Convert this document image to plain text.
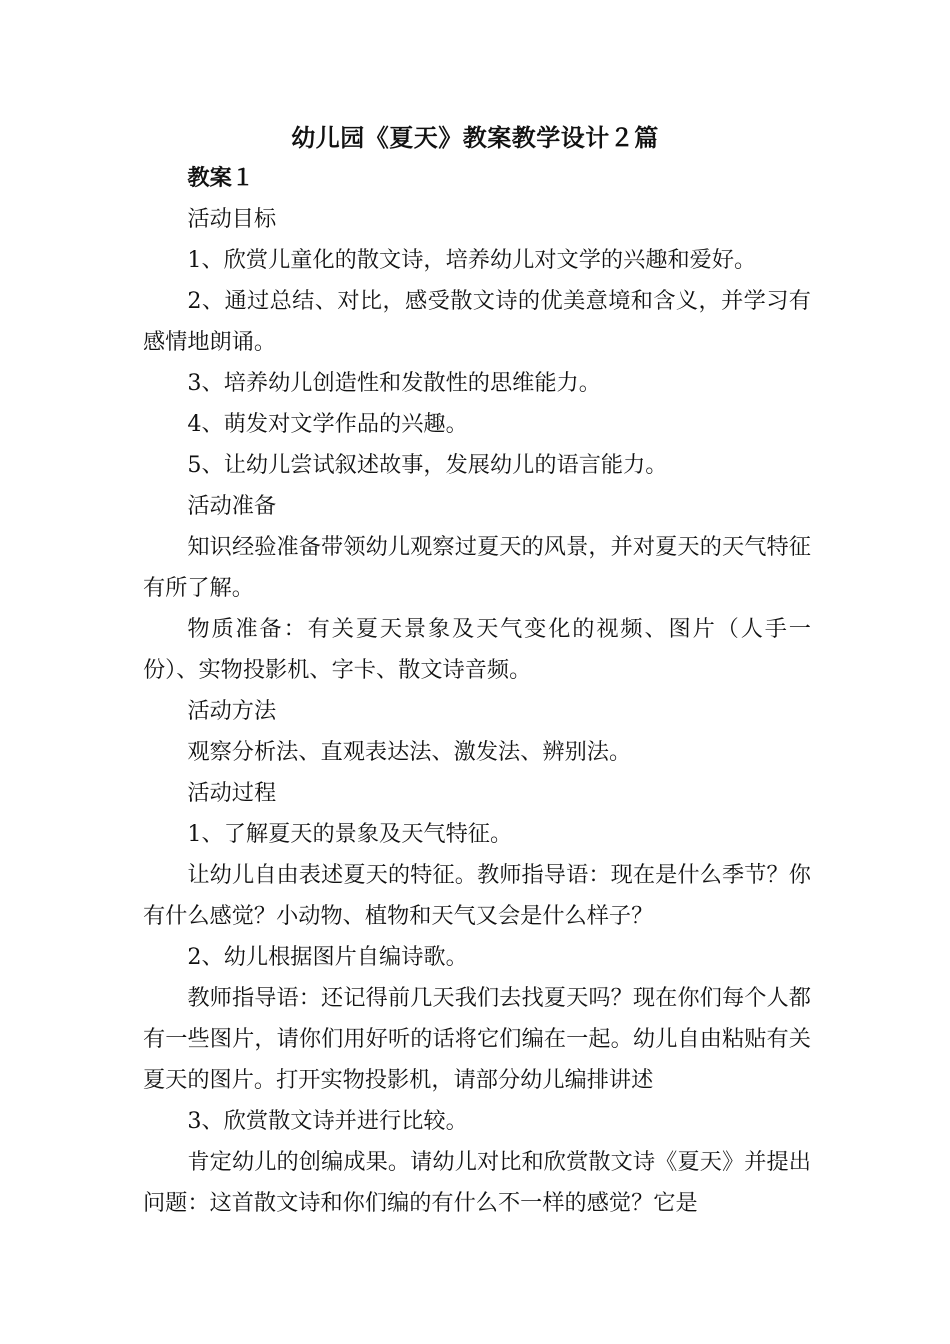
幼儿园《夏天》教案教学设计２篇

教案１

活动目标

1、欣赏儿童化的散文诗，培养幼儿对文学的兴趣和爱好。

2、通过总结、对比，感受散文诗的优美意境和含义，并学习有感情地朗诵。

3、培养幼儿创造性和发散性的思维能力。

4、萌发对文学作品的兴趣。

5、让幼儿尝试叙述故事，发展幼儿的语言能力。

活动准备

知识经验准备带领幼儿观察过夏天的风景，并对夏天的天气特征有所了解。

物质准备：有关夏天景象及天气变化的视频、图片（人手一份）、实物投影机、字卡、散文诗音频。

活动方法

观察分析法、直观表达法、激发法、辨别法。

活动过程

1、了解夏天的景象及天气特征。

让幼儿自由表述夏天的特征。教师指导语：现在是什么季节？你有什么感觉？小动物、植物和天气又会是什么样子？

2、幼儿根据图片自编诗歌。

教师指导语：还记得前几天我们去找夏天吗？现在你们每个人都有一些图片，请你们用好听的话将它们编在一起。幼儿自由粘贴有关夏天的图片。打开实物投影机，请部分幼儿编排讲述

3、欣赏散文诗并进行比较。

肯定幼儿的创编成果。请幼儿对比和欣赏散文诗《夏天》并提出问题：这首散文诗和你们编的有什么不一样的感觉？它是
